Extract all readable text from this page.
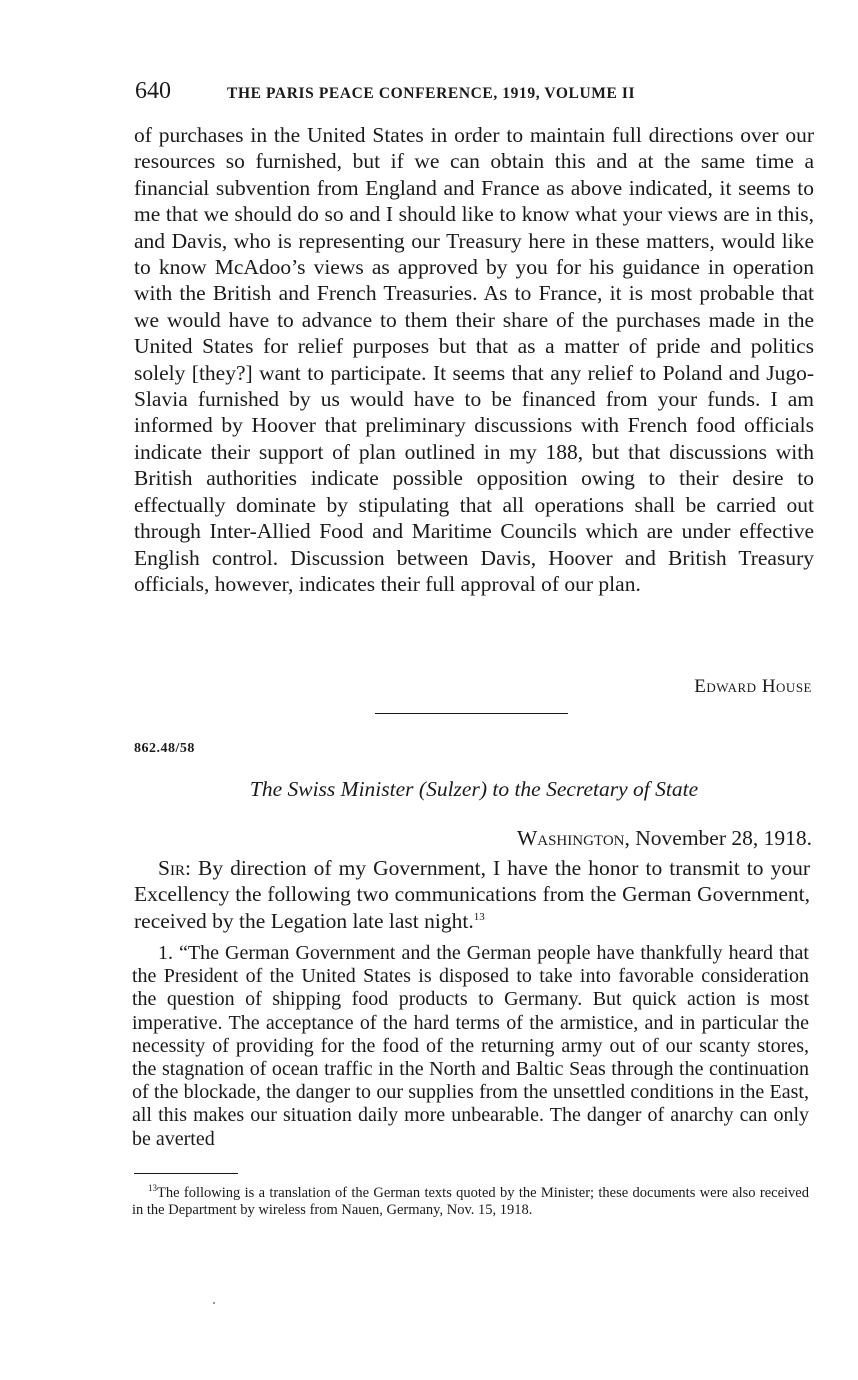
640	THE PARIS PEACE CONFERENCE, 1919, VOLUME II

of purchases in the United States in order to maintain full directions over our resources so furnished, but if we can obtain this and at the same time a financial subvention from England and France as above indicated, it seems to me that we should do so and I should like to know what your views are in this, and Davis, who is representing our Treasury here in these matters, would like to know McAdoo’s views as approved by you for his guidance in operation with the British and French Treasuries. As to France, it is most probable that we would have to advance to them their share of the purchases made in the United States for relief purposes but that as a matter of pride and politics solely [they?] want to participate. It seems that any relief to Poland and Jugo-Slavia furnished by us would have to be financed from your funds. I am informed by Hoover that preliminary discussions with French food officials indicate their support of plan outlined in my 188, but that discussions with British authorities indicate possible opposition owing to their desire to effectually dominate by stipulating that all operations shall be carried out through Inter-Allied Food and Maritime Councils which are under effective English control. Discussion between Davis, Hoover and British Treasury officials, however, indicates their full approval of our plan.

Edward House
862.48/58
The Swiss Minister (Sulzer) to the Secretary of State
Washington, November 28, 1918.

Sir: By direction of my Government, I have the honor to transmit to your Excellency the following two communications from the German Government, received by the Legation late last night.$^{13}$

1. “The German Government and the German people have thankfully heard that the President of the United States is disposed to take into favorable consideration the question of shipping food products to Germany. But quick action is most imperative. The acceptance of the hard terms of the armistice, and in particular the necessity of providing for the food of the returning army out of our scanty stores, the stagnation of ocean traffic in the North and Baltic Seas through the continuation of the blockade, the danger to our supplies from the unsettled conditions in the East, all this makes our situation daily more unbearable. The danger of anarchy can only be averted

$^{13}$The following is a translation of the German texts quoted by the Minister; these documents were also received in the Department by wireless from Nauen, Germany, Nov. 15, 1918.
